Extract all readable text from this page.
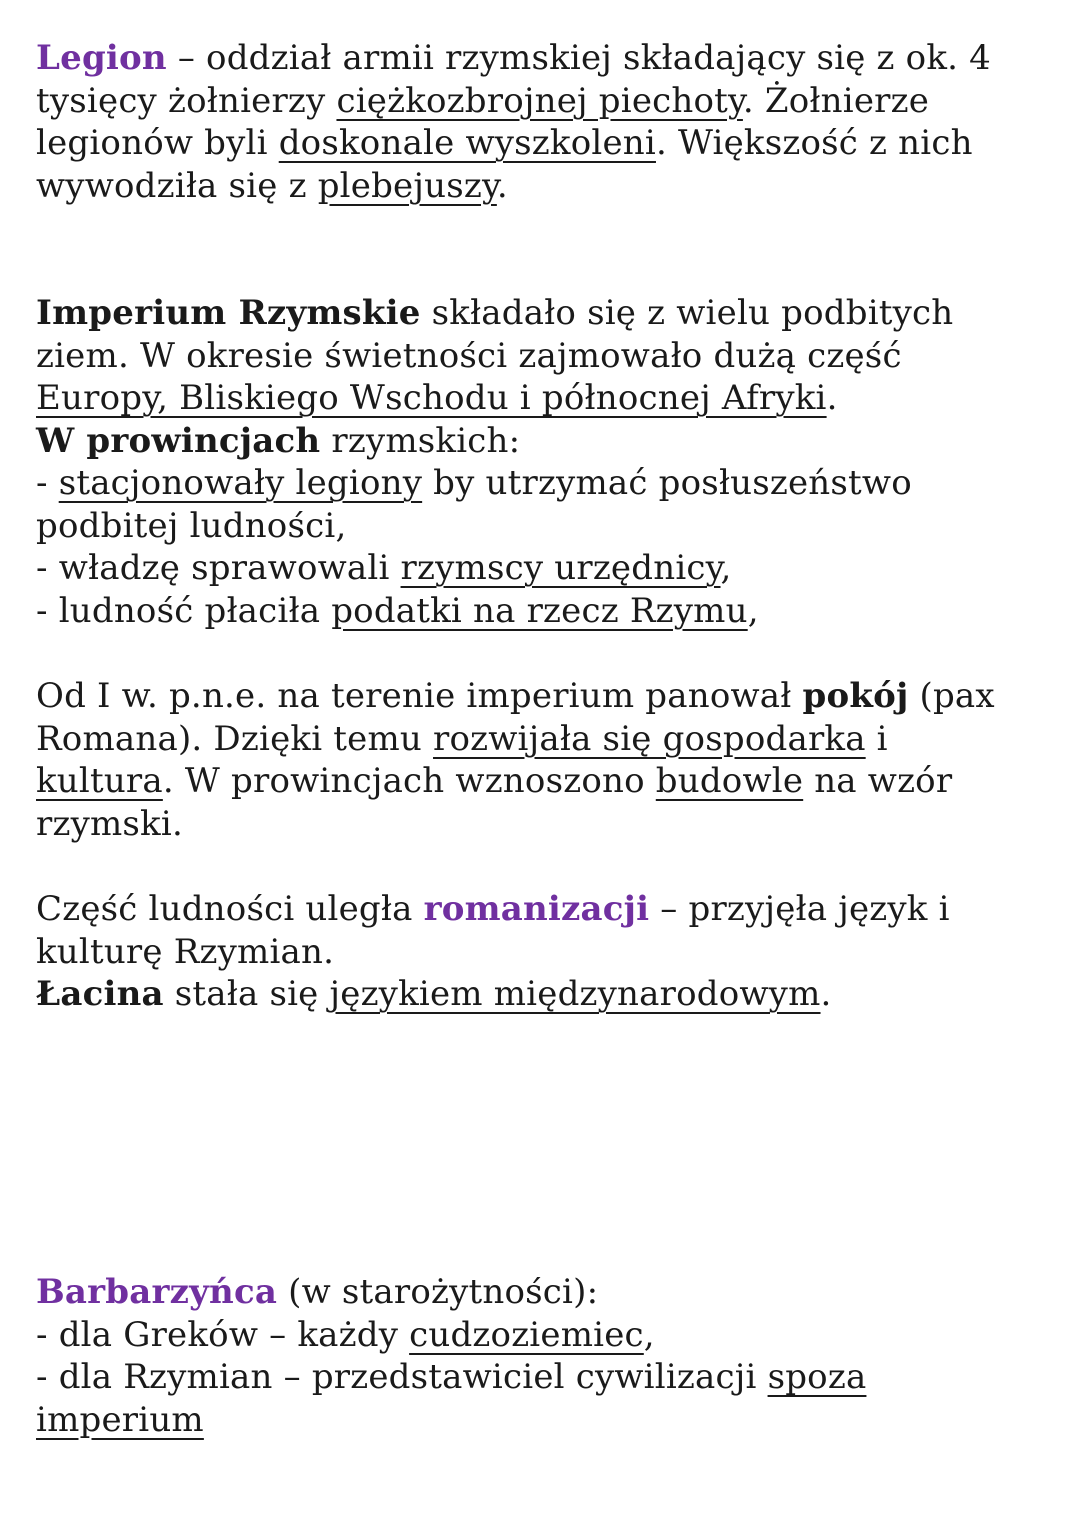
Legion – oddział armii rzymskiej składający się z ok. 4
tysięcy żołnierzy ciężkozbrojnej piechoty. Żołnierze
legionów byli doskonale wyszkoleni. Większość z nich
wywodziła się z plebejuszy.

Imperium Rzymskie składało się z wielu podbitych
ziem. W okresie świetności zajmowało dużą część
Europy, Bliskiego Wschodu i północnej Afryki.
W prowincjach rzymskich:
- stacjonowały legiony by utrzymać posłuszeństwo
podbitej ludności,
- władzę sprawowali rzymscy urzędnicy,
- ludność płaciła podatki na rzecz Rzymu,

Od I w. p.n.e. na terenie imperium panował pokój (pax
Romana). Dzięki temu rozwijała się gospodarka i
kultura. W prowincjach wznoszono budowle na wzór
rzymski.

Część ludności uległa romanizacji – przyjęła język i
kulturę Rzymian.
Łacina stała się językiem międzynarodowym.

Barbarzyńca (w starożytności):
- dla Greków – każdy cudzoziemiec,
- dla Rzymian – przedstawiciel cywilizacji spoza
imperium
